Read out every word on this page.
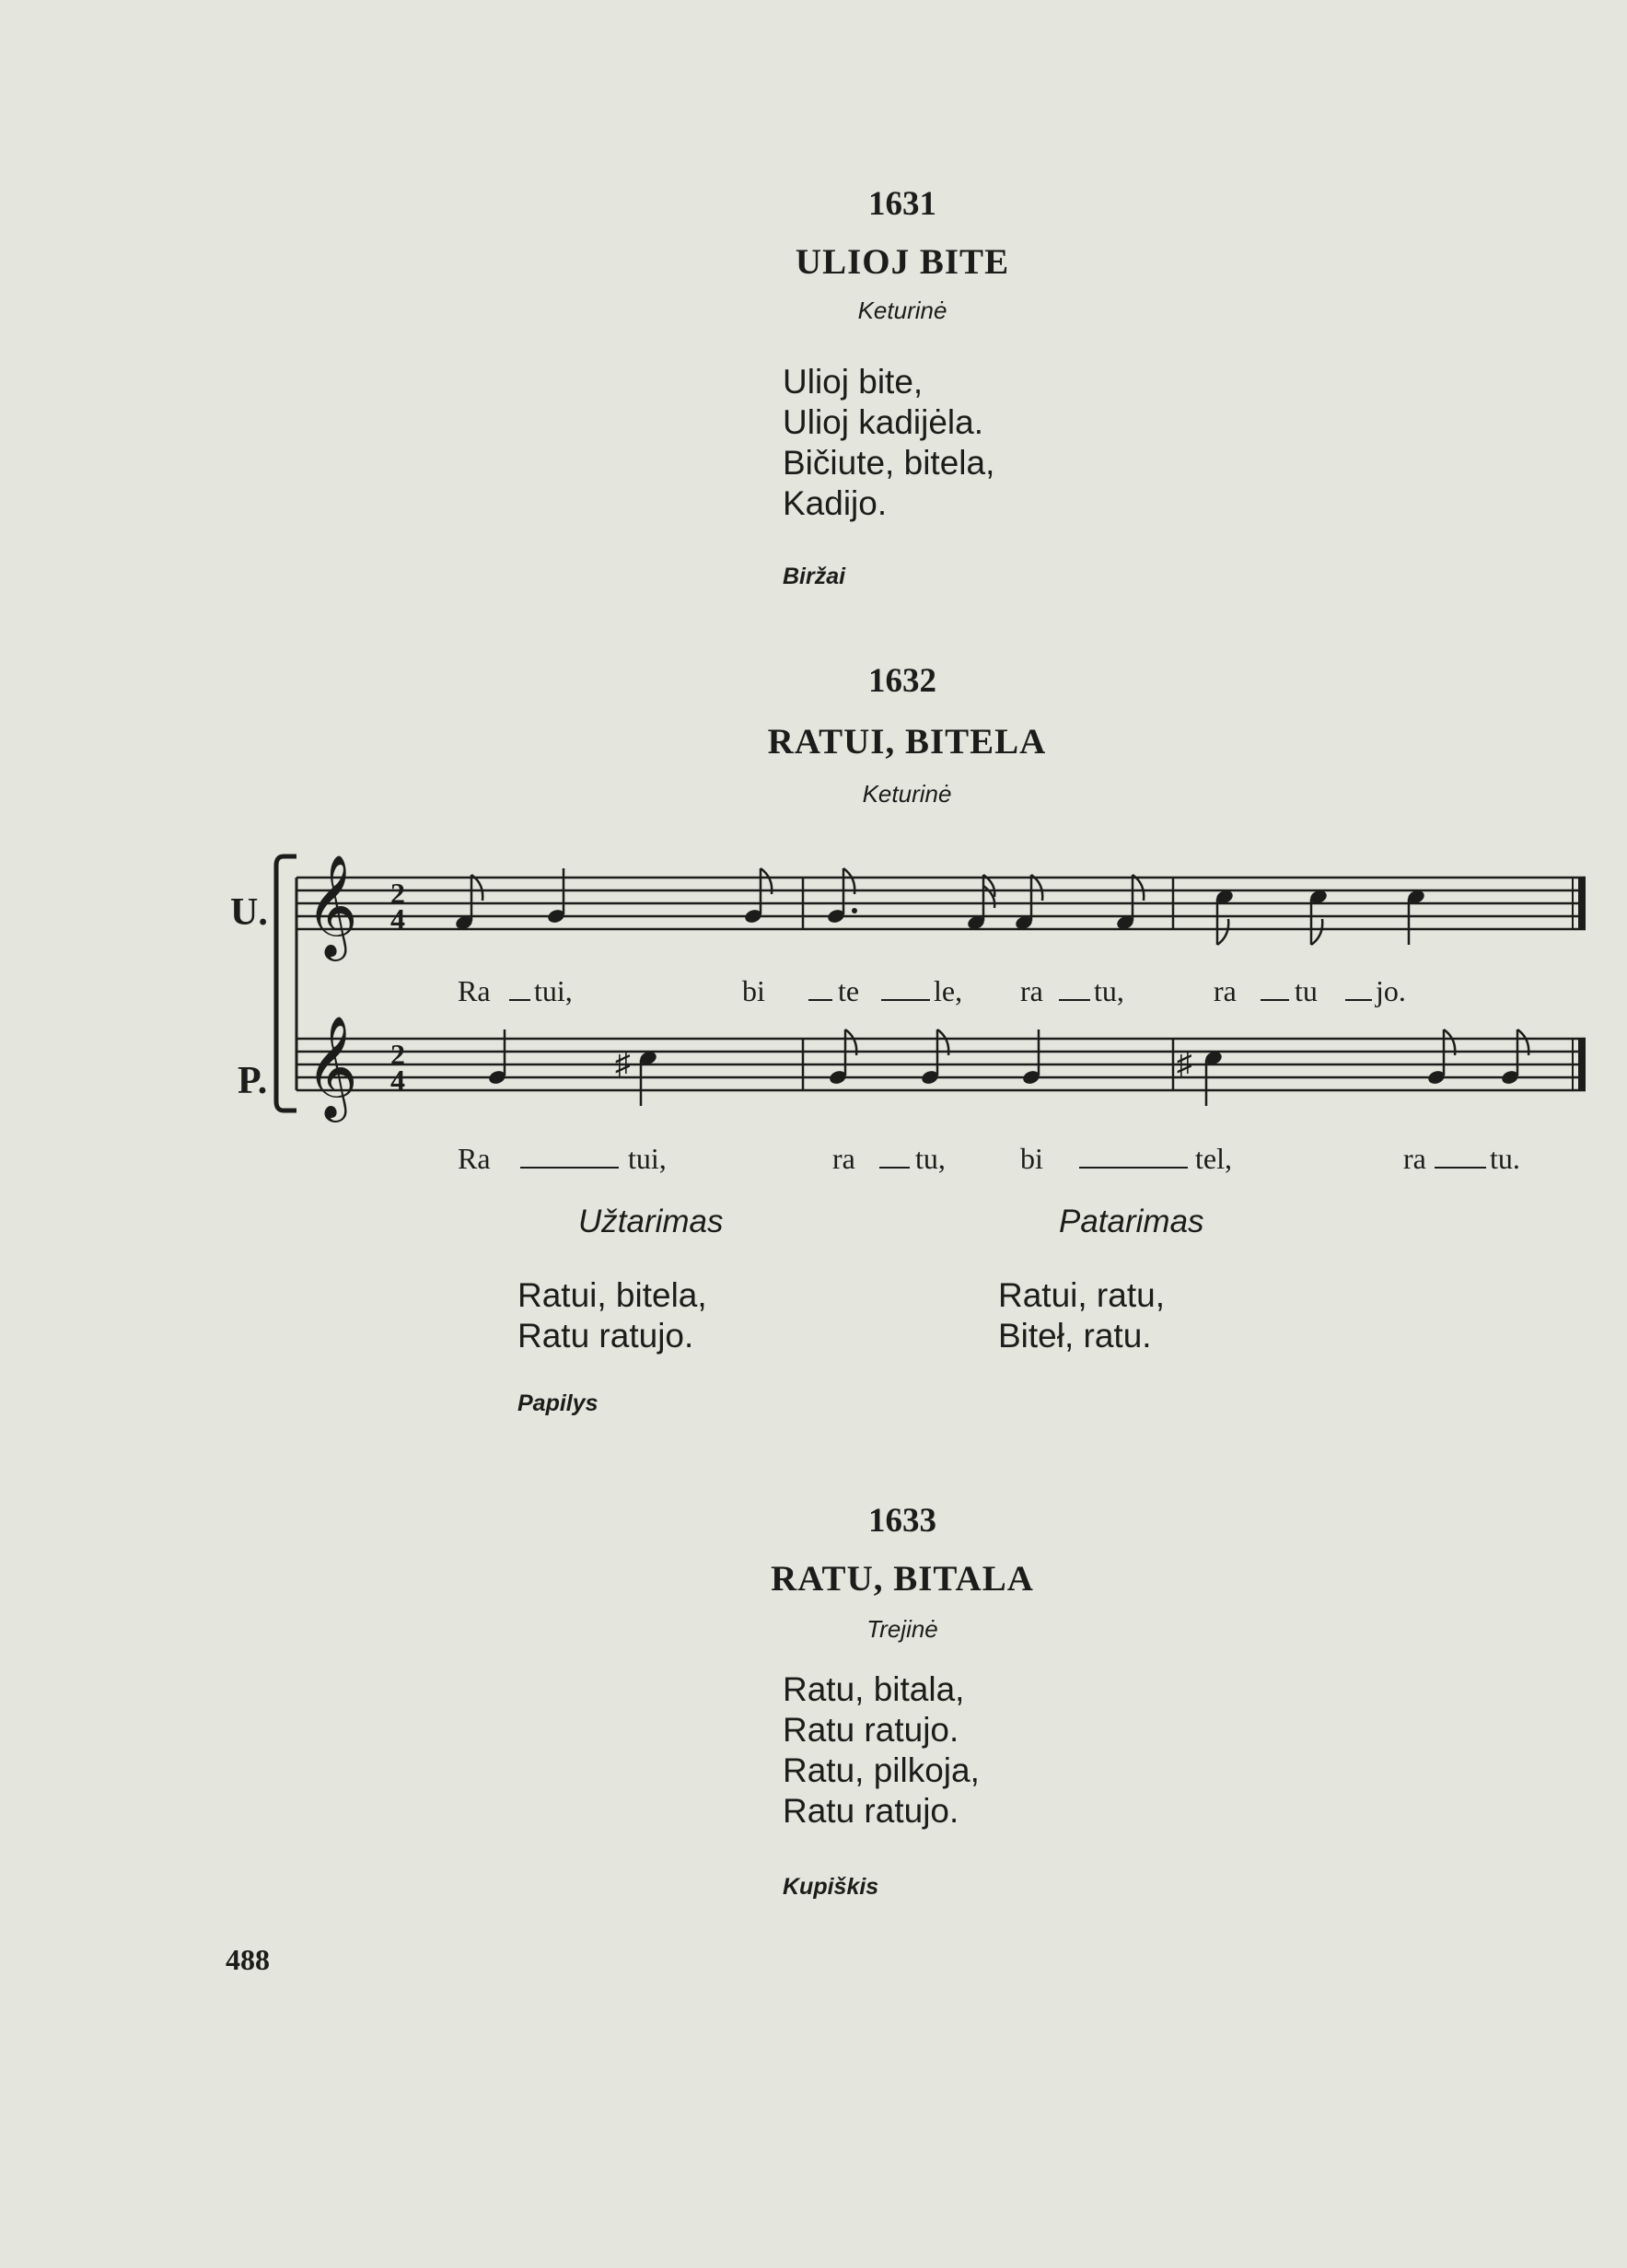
1631
ULIOJ BITE
Keturinė
Ulioj bite,
Ulioj kadijėla.
Bičiute, bitela,
Kadijo.
Biržai
1632
RATUI, BITELA
Keturinė
U.
P.
𝄞
𝄞
2
4
2
4	♯	♯
Ra tui,	bi te	le, ra tu,	ra tu jo.
Ra	tui,	ra tu,	bi	tel,	ra tu.
Užtarimas	Patarimas
Ratui, bitela,
Ratu ratujo.
Ratui, ratu,
Biteł, ratu.
Papilys
1633
RATU, BITALA
Trejinė
Ratu, bitala,
Ratu ratujo.
Ratu, pilkoja,
Ratu ratujo.
Kupiškis
488
